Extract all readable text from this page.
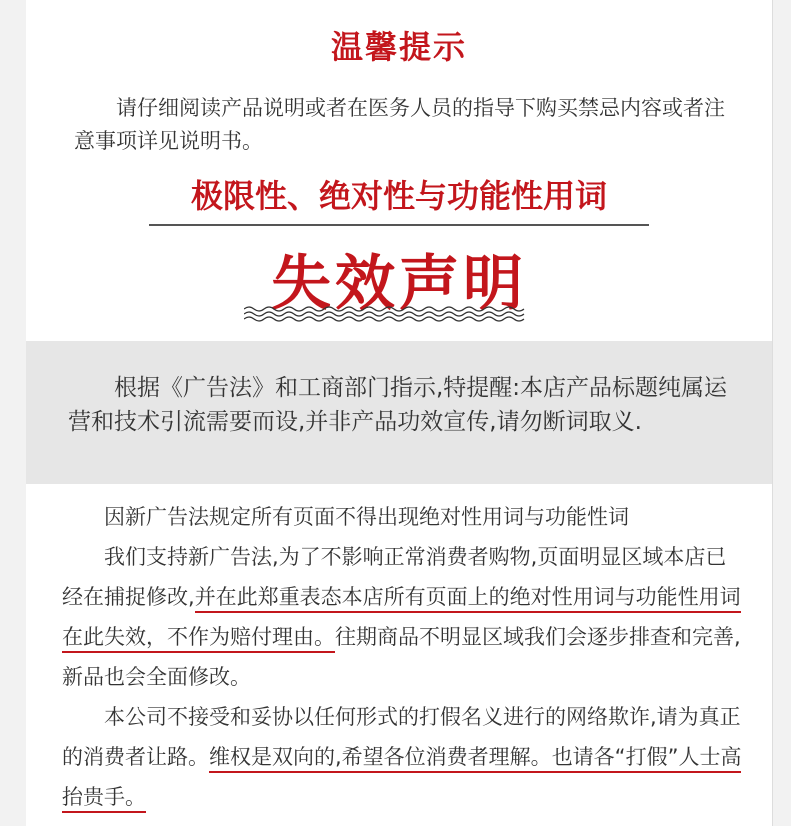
温馨提示

请仔细阅读产品说明或者在医务人员的指导下购买禁忌内容或者注意事项详见说明书。

极限性、绝对性与功能性用词
失效声明

根据《广告法》和工商部门指示,特提醒:本店产品标题纯属运营和技术引流需要而设,并非产品功效宣传,请勿断词取义.

因新广告法规定所有页面不得出现绝对性用词与功能性词

我们支持新广告法,为了不影响正常消费者购物,页面明显区域本店已经在捕捉修改,并在此郑重表态本店所有页面上的绝对性用词与功能性用词在此失效，不作为赔付理由。往期商品不明显区域我们会逐步排查和完善,新品也会全面修改。

本公司不接受和妥协以任何形式的打假名义进行的网络欺诈,请为真正的消费者让路。维权是双向的,希望各位消费者理解。也请各“打假”人士高抬贵手。
